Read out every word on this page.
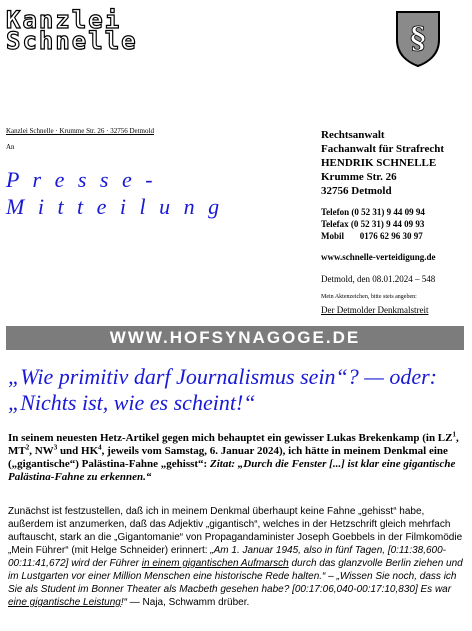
Kanzlei
Schnelle	§
Kanzlei Schnelle · Krumme Str. 26 · 32756 Detmold
An
P r e s s e -
M i t t e i l u n g
Rechtsanwalt
Fachanwalt für Strafrecht
HENDRIK SCHNELLE
Krumme Str. 26
32756 Detmold
Telefon (0 52 31) 9 44 09 94
Telefax (0 52 31) 9 44 09 93
Mobil       0176 62 96 30 97
www.schnelle-verteidigung.de
Detmold, den 08.01.2024 – 548
Mein Aktenzeichen, bitte stets angeben:
Der Detmolder Denkmalstreit
WWW.HOFSYNAGOGE.DE
„Wie primitiv darf Journalismus sein“? — oder: „Nichts ist, wie es scheint!“
In seinem neuesten Hetz-Artikel gegen mich behauptet ein gewisser Lukas Brekenkamp (in $LZ^1$, $MT^2$, $NW^3$ und $HK^4$, jeweils vom Samstag, 6. Januar 2024), ich hätte in meinem Denkmal eine („gigantische“) Palästina-Fahne „gehisst“: Zitat: „Durch die Fenster [...] ist klar eine gigantische Palästina-Fahne zu erkennen.“
Zunächst ist festzustellen, daß ich in meinem Denkmal überhaupt keine Fahne „gehisst“ habe, außerdem ist anzumerken, daß das Adjektiv „gigantisch“, welches in der Hetzschrift gleich mehrfach auftauscht, stark an die „Gigantomanie“ von Propagandaminister Joseph Goebbels in der Filmkomödie „Mein Führer“ (mit Helge Schneider) erinnert: „Am 1. Januar 1945, also in fünf Tagen, [0:11:38,600-00:11:41,672] wird der Führer in einem gigantischen Aufmarsch durch das glanzvolle Berlin ziehen und im Lustgarten vor einer Million Menschen eine historische Rede halten.“ – „Wissen Sie noch, dass ich Sie als Student im Bonner Theater als Macbeth gesehen habe? [00:17:06,040-00:17:10,830] Es war eine gigantische Leistung!“ — Naja, Schwamm drüber.
